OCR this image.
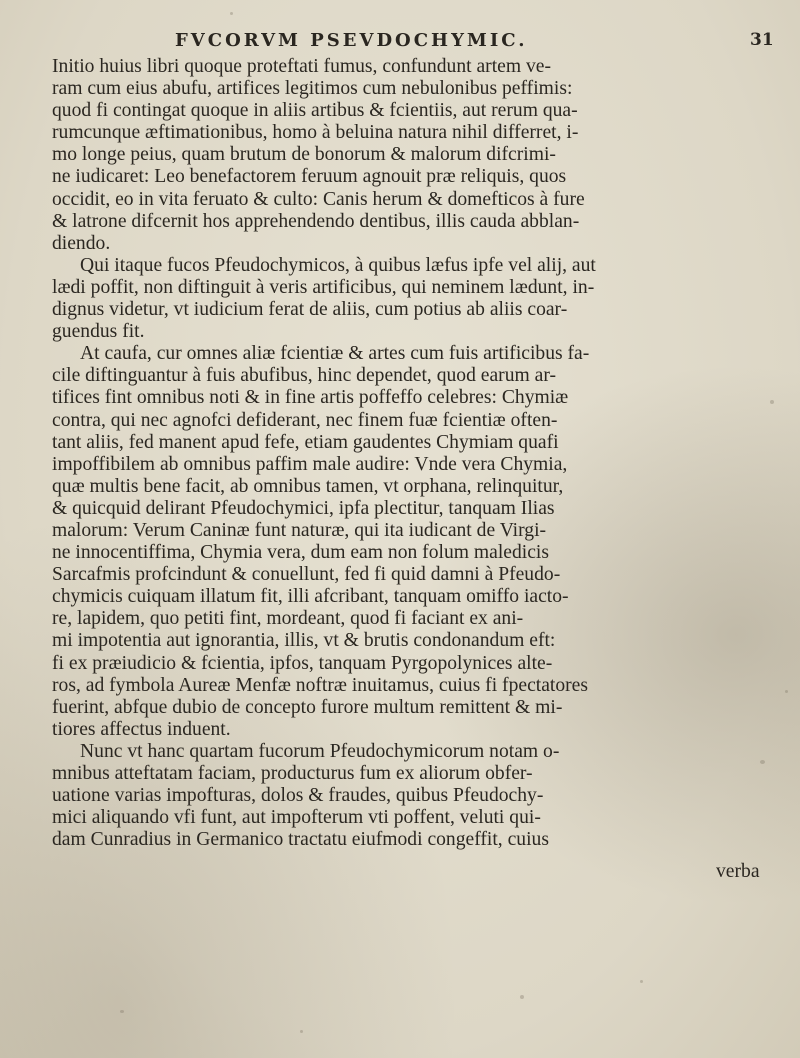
FVCORVM PSEVDOCHYMIC.	31
Initio huius libri quoque proteftati fumus, confundunt artem ve-
ram cum eius abufu, artifices legitimos cum nebulonibus peffimis:
quod fi contingat quoque in aliis artibus & fcientiis, aut rerum qua-
rumcunque æftimationibus, homo à beluina natura nihil differret, i-
mo longe peius, quam brutum de bonorum & malorum difcrimi-
ne iudicaret: Leo benefactorem feruum agnouit præ reliquis, quos
occidit, eo in vita feruato & culto: Canis herum & domefticos à fure
& latrone difcernit hos apprehendendo dentibus, illis cauda abblan-
diendo.
Qui itaque fucos Pfeudochymicos, à quibus læfus ipfe vel alij, aut
lædi poffit, non diftinguit à veris artificibus, qui neminem lædunt, in-
dignus videtur, vt iudicium ferat de aliis, cum potius ab aliis coar-
guendus fit.
At caufa, cur omnes aliæ fcientiæ & artes cum fuis artificibus fa-
cile diftinguantur à fuis abufibus, hinc dependet, quod earum ar-
tifices fint omnibus noti & in fine artis poffeffo celebres: Chymiæ
contra, qui nec agnofci defiderant, nec finem fuæ fcientiæ often-
tant aliis, fed manent apud fefe, etiam gaudentes Chymiam quafi
impoffibilem ab omnibus paffim male audire: Vnde vera Chymia,
quæ multis bene facit, ab omnibus tamen, vt orphana, relinquitur,
& quicquid delirant Pfeudochymici, ipfa plectitur, tanquam Ilias
malorum: Verum Caninæ funt naturæ, qui ita iudicant de Virgi-
ne innocentiffima, Chymia vera, dum eam non folum maledicis
Sarcafmis profcindunt & conuellunt, fed fi quid damni à Pfeudo-
chymicis cuiquam illatum fit, illi afcribant, tanquam omiffo iacto-
re, lapidem, quo petiti fint, mordeant, quod fi faciant ex ani-
mi impotentia aut ignorantia, illis, vt & brutis condonandum eft:
fi ex præiudicio & fcientia, ipfos, tanquam Pyrgopolynices alte-
ros, ad fymbola Aureæ Menfæ noftræ inuitamus, cuius fi fpectatores
fuerint, abfque dubio de concepto furore multum remittent & mi-
tiores affectus induent.
Nunc vt hanc quartam fucorum Pfeudochymicorum notam o-
mnibus atteftatam faciam, producturus fum ex aliorum obfer-
uatione varias impofturas, dolos & fraudes, quibus Pfeudochy-
mici aliquando vfi funt, aut impofterum vti poffent, veluti qui-
dam Cunradius in Germanico tractatu eiufmodi congeffit, cuius
verba
